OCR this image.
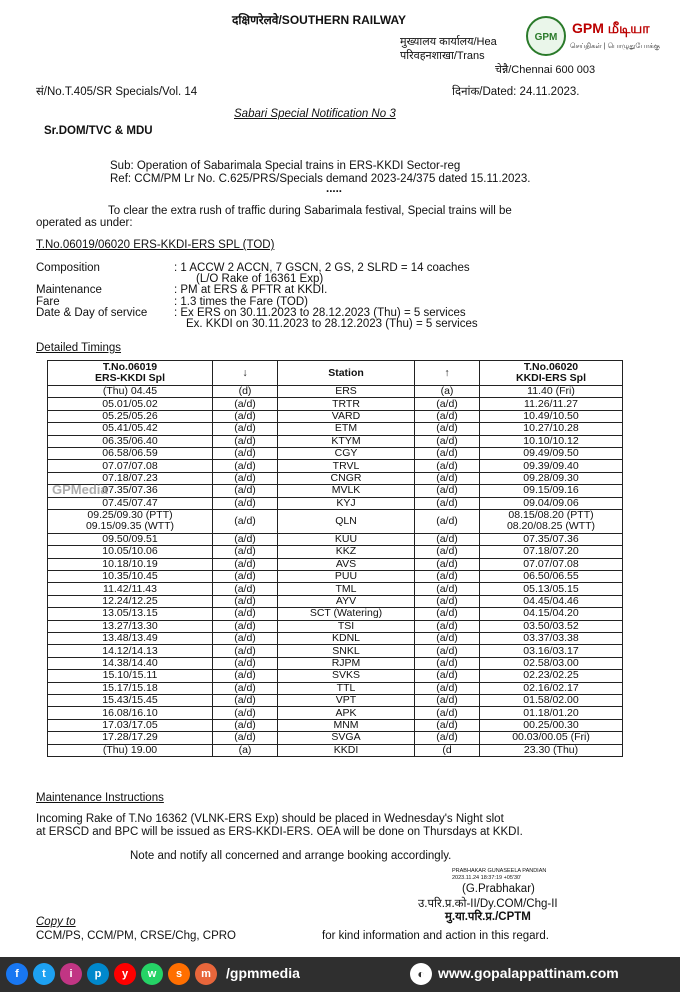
दक्षिणरेलवे/SOUTHERN RAILWAY
मुख्यालय कार्यालय/Hea
परिवहनशाखा/Trans
चेन्नै/Chennai 600 003
GPM
GPM மீடியா
செய்திகள் | பொழுதுபோக்கு
सं/No.T.405/SR Specials/Vol. 14	दिनांक/Dated: 24.11.2023.
Sabari Special Notification No 3
Sr.DOM/TVC & MDU
Sub: Operation of Sabarimala Special trains in ERS-KKDI Sector-reg
Ref: CCM/PM Lr No. C.625/PRS/Specials demand 2023-24/375 dated 15.11.2023.
.....
To clear the extra rush of traffic during Sabarimala festival, Special trains will be
operated as under:
T.No.06019/06020 ERS-KKDI-ERS SPL (TOD)
Composition	: 1 ACCW 2 ACCN, 7 GSCN, 2 GS, 2 SLRD = 14 coaches
(L/O Rake of 16361 Exp)
Maintenance	: PM at ERS & PFTR at KKDI.
Fare	: 1.3 times the Fare (TOD)
Date & Day of service : Ex ERS on 30.11.2023 to 28.12.2023 (Thu) = 5 services
Ex. KKDI on 30.11.2023 to 28.12.2023 (Thu) = 5 services
Detailed Timings
T.No.06019
ERS-KKDI Spl	↓	Station	↑	T.No.06020
KKDI-ERS Spl
(Thu) 04.45	(d)	ERS	(a)	11.40 (Fri)
05.01/05.02	(a/d)	TRTR	(a/d)	11.26/11.27
05.25/05.26	(a/d)	VARD	(a/d)	10.49/10.50
05.41/05.42	(a/d)	ETM	(a/d)	10.27/10.28
06.35/06.40	(a/d)	KTYM	(a/d)	10.10/10.12
06.58/06.59	(a/d)	CGY	(a/d)	09.49/09.50
07.07/07.08	(a/d)	TRVL	(a/d)	09.39/09.40
07.18/07.23	(a/d)	CNGR	(a/d)	09.28/09.30
07.35/07.36	(a/d)	MVLK	(a/d)	09.15/09.16
07.45/07.47	(a/d)	KYJ	(a/d)	09.04/09.06
09.25/09.30 (PTT)
09.15/09.35 (WTT)	(a/d)	QLN	(a/d)	08.15/08.20 (PTT)
08.20/08.25 (WTT)
09.50/09.51	(a/d)	KUU	(a/d)	07.35/07.36
10.05/10.06	(a/d)	KKZ	(a/d)	07.18/07.20
10.18/10.19	(a/d)	AVS	(a/d)	07.07/07.08
10.35/10.45	(a/d)	PUU	(a/d)	06.50/06.55
11.42/11.43	(a/d)	TML	(a/d)	05.13/05.15
12.24/12.25	(a/d)	AYV	(a/d)	04.45/04.46
13.05/13.15	(a/d)	SCT (Watering)	(a/d)	04.15/04.20
13.27/13.30	(a/d)	TSI	(a/d)	03.50/03.52
13.48/13.49	(a/d)	KDNL	(a/d)	03.37/03.38
14.12/14.13	(a/d)	SNKL	(a/d)	03.16/03.17
14.38/14.40	(a/d)	RJPM	(a/d)	02.58/03.00
15.10/15.11	(a/d)	SVKS	(a/d)	02.23/02.25
15.17/15.18	(a/d)	TTL	(a/d)	02.16/02.17
15.43/15.45	(a/d)	VPT	(a/d)	01.58/02.00
16.08/16.10	(a/d)	APK	(a/d)	01.18/01.20
17.03/17.05	(a/d)	MNM	(a/d)	00.25/00.30
17.28/17.29	(a/d)	SVGA	(a/d)	00.03/00.05 (Fri)
(Thu) 19.00	(a)	KKDI	(d	23.30 (Thu)
GPMedia
Maintenance Instructions
Incoming Rake of T.No 16362 (VLNK-ERS Exp) should be placed in Wednesday's Night slot
at ERSCD and BPC will be issued as ERS-KKDI-ERS. OEA will be done on Thursdays at KKDI.
Note and notify all concerned and arrange booking accordingly.
PRABHAKAR GUNASEELA PANDIAN
2023.11.24 18:37:19 +05'30'
(G.Prabhakar)
उ.परि.प्र.को-II/Dy.COM/Chg-II
मु.या.परि.प्र./CPTM
Copy to
CCM/PS, CCM/PM, CRSE/Chg, CPRO	for kind information and action in this regard.
f	t	i	p	y	w	s	m	/gpmmedia	◐ www.gopalappattinam.com
